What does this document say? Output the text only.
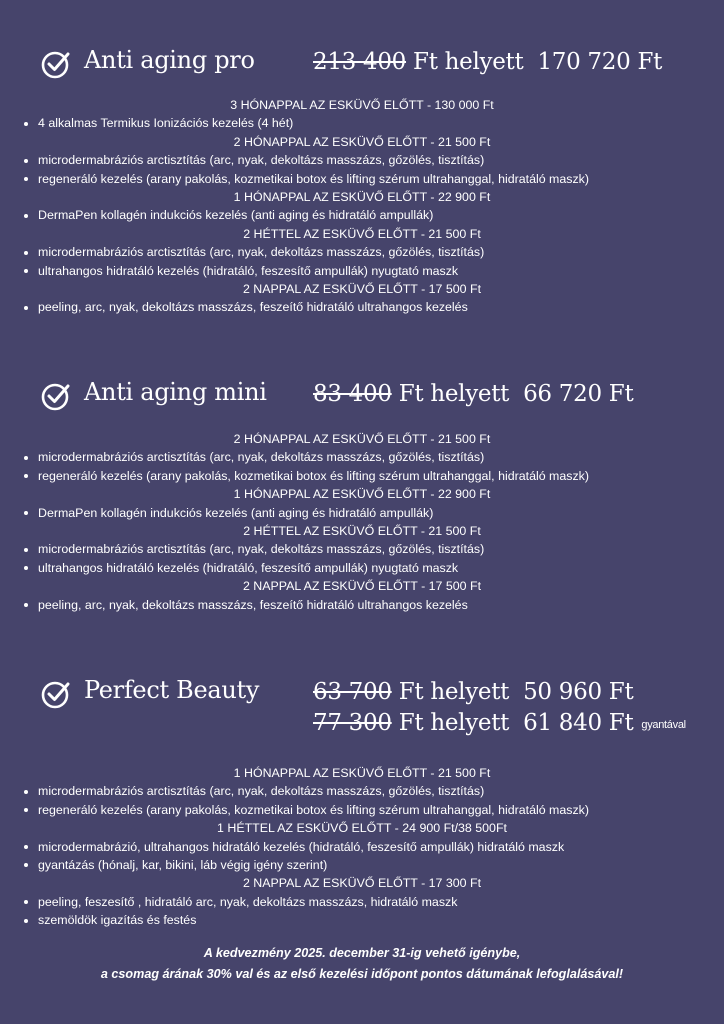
Anti aging pro	213 400 Ft helyett 170 720 Ft
3 HÓNAPPAL AZ ESKÜVŐ ELŐTT - 130 000 Ft
4 alkalmas Termikus Ionizációs kezelés (4 hét)
2 HÓNAPPAL AZ ESKÜVŐ ELŐTT - 21 500 Ft
microdermabráziós arctisztítás (arc, nyak, dekoltázs masszázs, gőzölés, tisztítás)
regeneráló kezelés (arany pakolás, kozmetikai botox és lifting szérum ultrahanggal, hidratáló maszk)
1 HÓNAPPAL AZ ESKÜVŐ ELŐTT - 22 900 Ft
DermaPen kollagén indukciós kezelés (anti aging és hidratáló ampullák)
2 HÉTTEL AZ ESKÜVŐ ELŐTT - 21 500 Ft
microdermabráziós arctisztítás (arc, nyak, dekoltázs masszázs, gőzölés, tisztítás)
ultrahangos hidratáló kezelés (hidratáló, feszesítő ampullák) nyugtató maszk
2 NAPPAL AZ ESKÜVŐ ELŐTT - 17 500 Ft
peeling, arc, nyak, dekoltázs masszázs, feszeítő hidratáló ultrahangos kezelés
Anti aging mini 83 400 Ft helyett 66 720 Ft
2 HÓNAPPAL AZ ESKÜVŐ ELŐTT - 21 500 Ft
microdermabráziós arctisztítás (arc, nyak, dekoltázs masszázs, gőzölés, tisztítás)
regeneráló kezelés (arany pakolás, kozmetikai botox és lifting szérum ultrahanggal, hidratáló maszk)
1 HÓNAPPAL AZ ESKÜVŐ ELŐTT - 22 900 Ft
DermaPen kollagén indukciós kezelés (anti aging és hidratáló ampullák)
2 HÉTTEL AZ ESKÜVŐ ELŐTT - 21 500 Ft
microdermabráziós arctisztítás (arc, nyak, dekoltázs masszázs, gőzölés, tisztítás)
ultrahangos hidratáló kezelés (hidratáló, feszesítő ampullák) nyugtató maszk
2 NAPPAL AZ ESKÜVŐ ELŐTT - 17 500 Ft
peeling, arc, nyak, dekoltázs masszázs, feszeítő hidratáló ultrahangos kezelés
Perfect Beauty 63 700 Ft helyett 50 960 Ft
77 300 Ft helyett 61 840 Ft gyantával
1 HÓNAPPAL AZ ESKÜVŐ ELŐTT - 21 500 Ft
microdermabráziós arctisztítás (arc, nyak, dekoltázs masszázs, gőzölés, tisztítás)
regeneráló kezelés (arany pakolás, kozmetikai botox és lifting szérum ultrahanggal, hidratáló maszk)
1 HÉTTEL AZ ESKÜVŐ ELŐTT - 24 900 Ft/38 500Ft
microdermabrázió, ultrahangos hidratáló kezelés (hidratáló, feszesítő ampullák) hidratáló maszk
gyantázás (hónalj, kar, bikini, láb végig igény szerint)
2 NAPPAL AZ ESKÜVŐ ELŐTT - 17 300 Ft
peeling, feszesítő , hidratáló arc, nyak, dekoltázs masszázs, hidratáló maszk
szemöldök igazítás és festés
A kedvezmény 2025. december 31-ig vehető igénybe,
a csomag árának 30% val és az első kezelési időpont pontos dátumának lefoglalásával!
